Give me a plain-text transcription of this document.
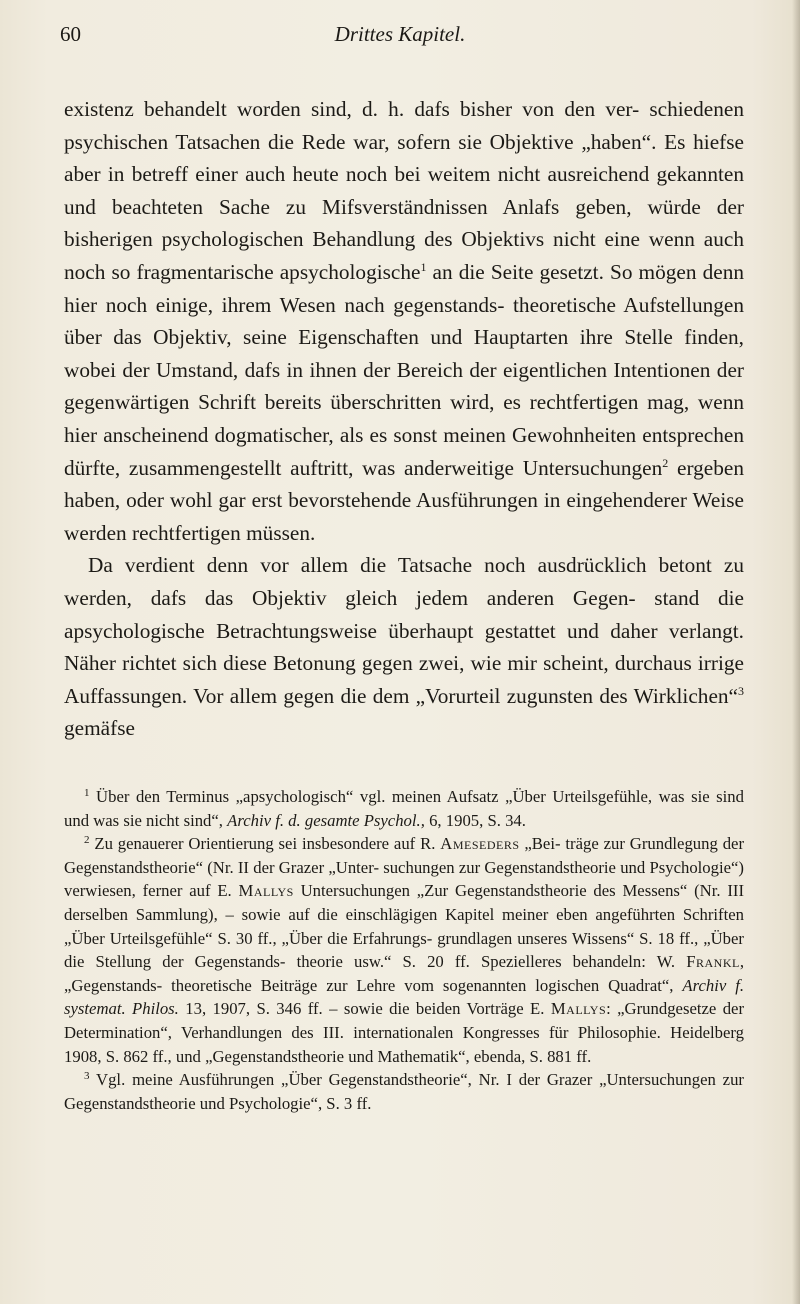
60	Drittes Kapitel.

existenz behandelt worden sind, d. h. dafs bisher von den ver- schiedenen psychischen Tatsachen die Rede war, sofern sie Objektive „haben“. Es hiefse aber in betreff einer auch heute noch bei weitem nicht ausreichend gekannten und beachteten Sache zu Mifsverständnissen Anlafs geben, würde der bisherigen psychologischen Behandlung des Objektivs nicht eine wenn auch noch so fragmentarische apsychologische$^1$ an die Seite gesetzt. So mögen denn hier noch einige, ihrem Wesen nach gegenstands- theoretische Aufstellungen über das Objektiv, seine Eigenschaften und Hauptarten ihre Stelle finden, wobei der Umstand, dafs in ihnen der Bereich der eigentlichen Intentionen der gegenwärtigen Schrift bereits überschritten wird, es rechtfertigen mag, wenn hier anscheinend dogmatischer, als es sonst meinen Gewohnheiten entsprechen dürfte, zusammengestellt auftritt, was anderweitige Untersuchungen$^2$ ergeben haben, oder wohl gar erst bevorstehende Ausführungen in eingehenderer Weise werden rechtfertigen müssen.

Da verdient denn vor allem die Tatsache noch ausdrücklich betont zu werden, dafs das Objektiv gleich jedem anderen Gegen- stand die apsychologische Betrachtungsweise überhaupt gestattet und daher verlangt. Näher richtet sich diese Betonung gegen zwei, wie mir scheint, durchaus irrige Auffassungen. Vor allem gegen die dem „Vorurteil zugunsten des Wirklichen“$^3$ gemäfse

$^1$ Über den Terminus „apsychologisch“ vgl. meinen Aufsatz „Über Urteilsgefühle, was sie sind und was sie nicht sind“, Archiv f. d. gesamte Psychol., 6, 1905, S. 34.

$^2$ Zu genauerer Orientierung sei insbesondere auf R. Ameseders „Bei- träge zur Grundlegung der Gegenstandstheorie“ (Nr. II der Grazer „Unter- suchungen zur Gegenstandstheorie und Psychologie“) verwiesen, ferner auf E. Mallys Untersuchungen „Zur Gegenstandstheorie des Messens“ (Nr. III derselben Sammlung), – sowie auf die einschlägigen Kapitel meiner eben angeführten Schriften „Über Urteilsgefühle“ S. 30 ff., „Über die Erfahrungs- grundlagen unseres Wissens“ S. 18 ff., „Über die Stellung der Gegenstands- theorie usw.“ S. 20 ff. Spezielleres behandeln: W. Frankl, „Gegenstands- theoretische Beiträge zur Lehre vom sogenannten logischen Quadrat“, Archiv f. systemat. Philos. 13, 1907, S. 346 ff. – sowie die beiden Vorträge E. Mallys: „Grundgesetze der Determination“, Verhandlungen des III. internationalen Kongresses für Philosophie. Heidelberg 1908, S. 862 ff., und „Gegenstandstheorie und Mathematik“, ebenda, S. 881 ff.

$^3$ Vgl. meine Ausführungen „Über Gegenstandstheorie“, Nr. I der Grazer „Untersuchungen zur Gegenstandstheorie und Psychologie“, S. 3 ff.
